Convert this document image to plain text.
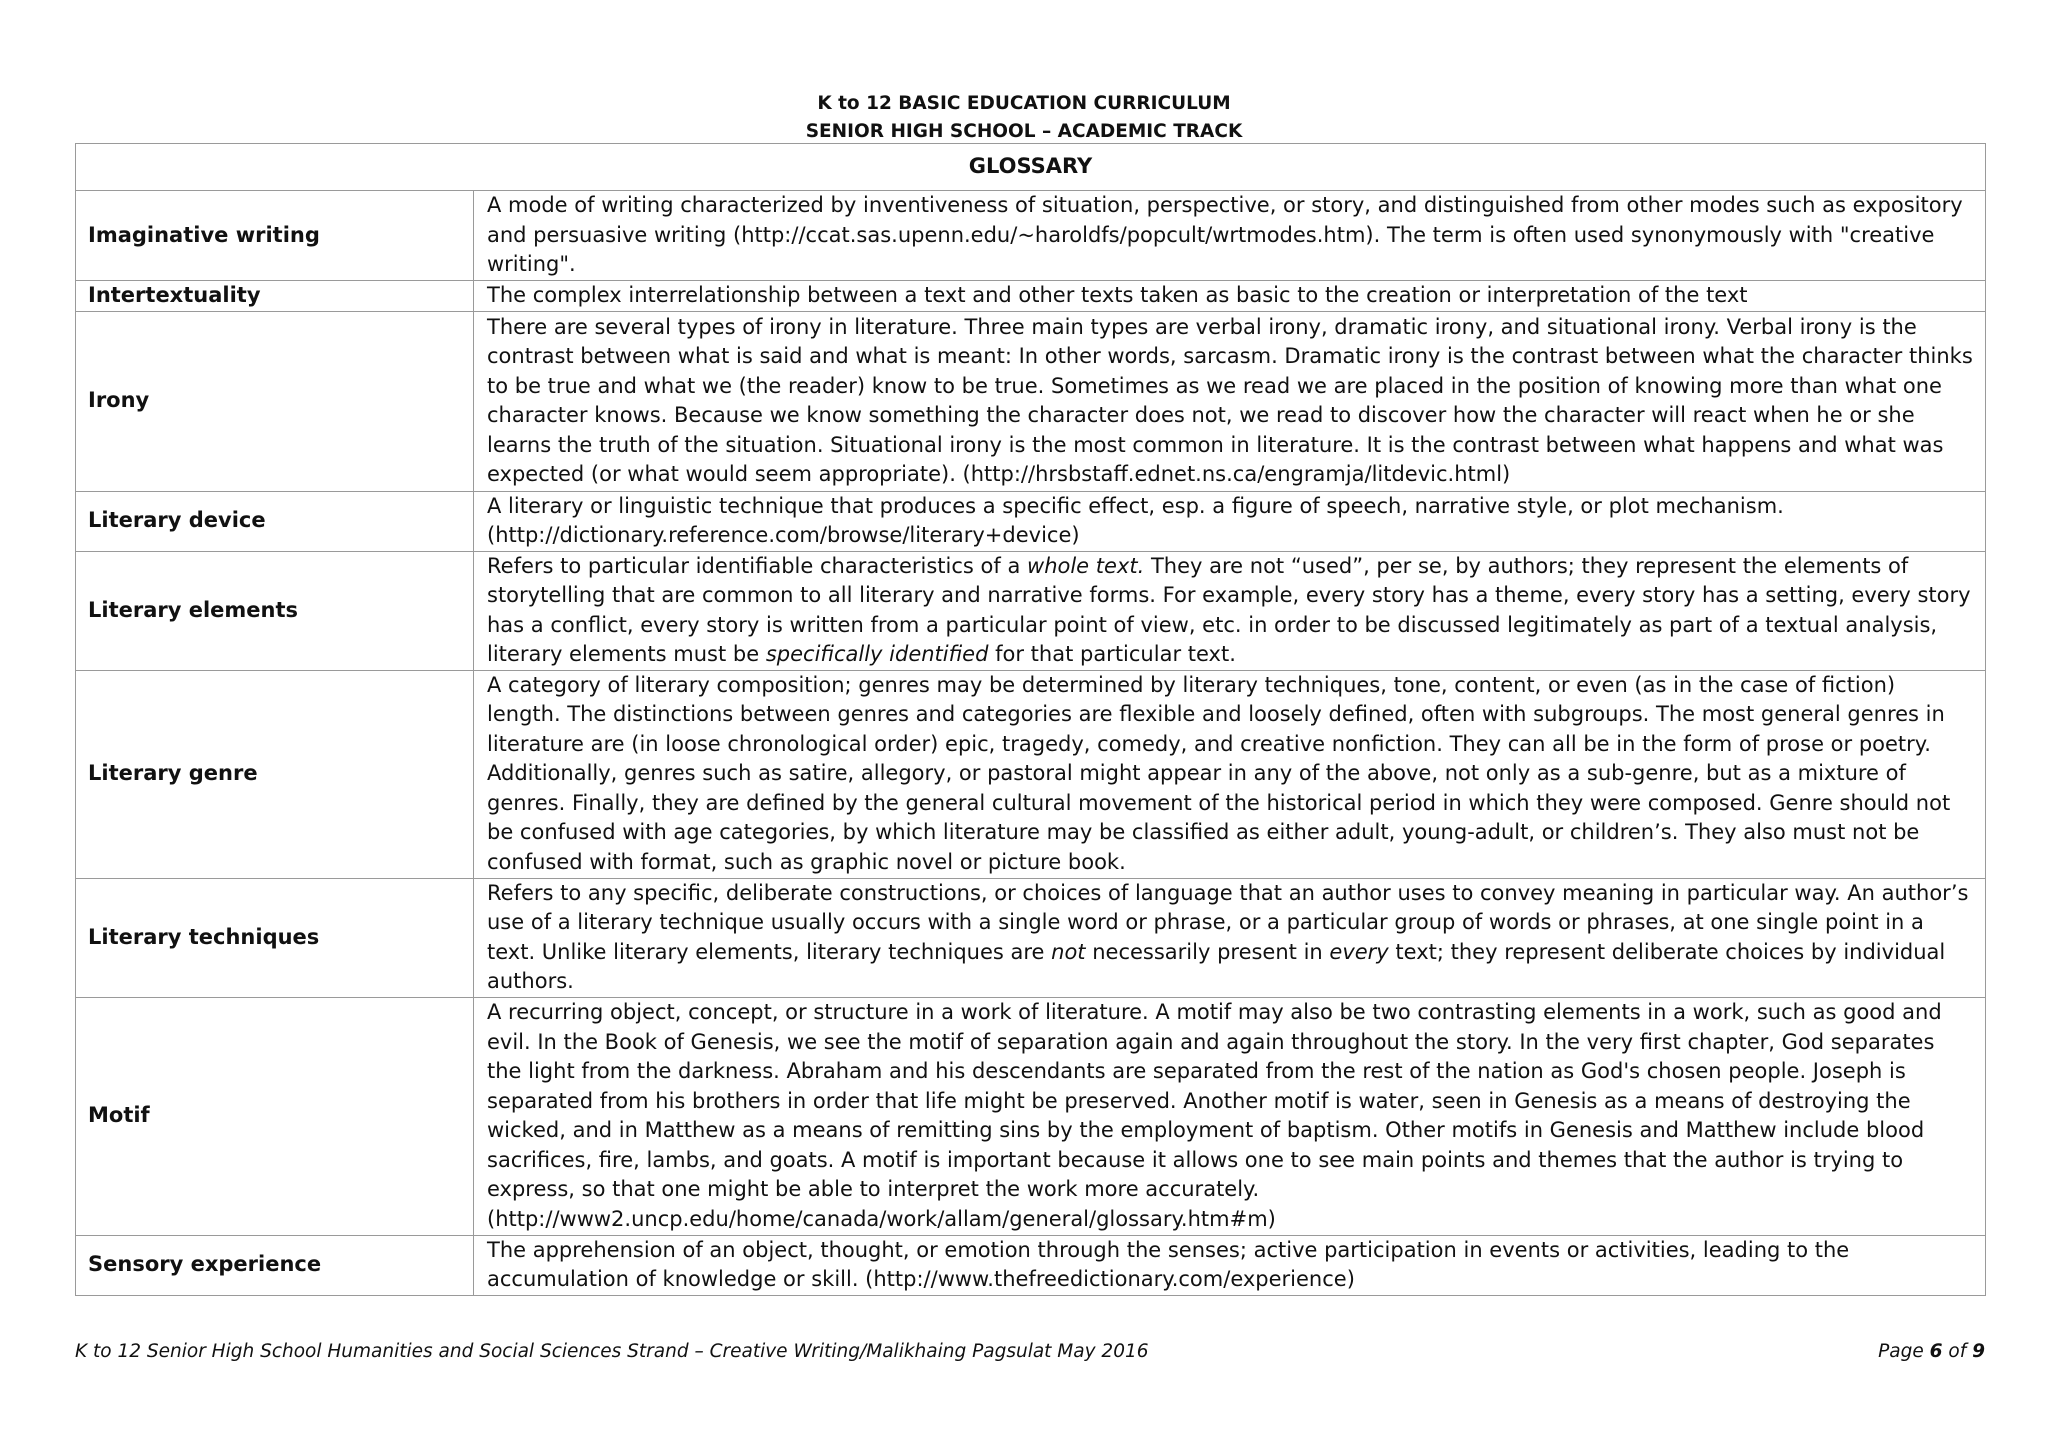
K to 12 BASIC EDUCATION CURRICULUM
SENIOR HIGH SCHOOL – ACADEMIC TRACK
GLOSSARY	
Imaginative writing	A mode of writing characterized by inventiveness of situation, perspective, or story, and distinguished from other modes such as expository and persuasive writing (http://ccat.sas.upenn.edu/~haroldfs/popcult/wrtmodes.htm). The term is often used synonymously with "creative writing".
Intertextuality	The complex interrelationship between a text and other texts taken as basic to the creation or interpretation of the text
Irony	There are several types of irony in literature. Three main types are verbal irony, dramatic irony, and situational irony. Verbal irony is the contrast between what is said and what is meant: In other words, sarcasm. Dramatic irony is the contrast between what the character thinks to be true and what we (the reader) know to be true. Sometimes as we read we are placed in the position of knowing more than what one character knows. Because we know something the character does not, we read to discover how the character will react when he or she learns the truth of the situation. Situational irony is the most common in literature. It is the contrast between what happens and what was expected (or what would seem appropriate). (http://hrsbstaff.ednet.ns.ca/engramja/litdevic.html)
Literary device	A literary or linguistic technique that produces a specific effect, esp. a figure of speech, narrative style, or plot mechanism. (http://dictionary.reference.com/browse/literary+device)
Literary elements	Refers to particular identifiable characteristics of a whole text. They are not “used”, per se, by authors; they represent the elements of storytelling that are common to all literary and narrative forms. For example, every story has a theme, every story has a setting, every story has a conflict, every story is written from a particular point of view, etc. in order to be discussed legitimately as part of a textual analysis, literary elements must be specifically identified for that particular text.
Literary genre	A category of literary composition; genres may be determined by literary techniques, tone, content, or even (as in the case of fiction) length. The distinctions between genres and categories are flexible and loosely defined, often with subgroups. The most general genres in literature are (in loose chronological order) epic, tragedy, comedy, and creative nonfiction. They can all be in the form of prose or poetry. Additionally, genres such as satire, allegory, or pastoral might appear in any of the above, not only as a sub-genre, but as a mixture of genres. Finally, they are defined by the general cultural movement of the historical period in which they were composed. Genre should not be confused with age categories, by which literature may be classified as either adult, young-adult, or children’s. They also must not be confused with format, such as graphic novel or picture book.
Literary techniques	Refers to any specific, deliberate constructions, or choices of language that an author uses to convey meaning in particular way. An author’s use of a literary technique usually occurs with a single word or phrase, or a particular group of words or phrases, at one single point in a text. Unlike literary elements, literary techniques are not necessarily present in every text; they represent deliberate choices by individual authors.
Motif	A recurring object, concept, or structure in a work of literature. A motif may also be two contrasting elements in a work, such as good and evil. In the Book of Genesis, we see the motif of separation again and again throughout the story. In the very first chapter, God separates the light from the darkness. Abraham and his descendants are separated from the rest of the nation as God's chosen people. Joseph is separated from his brothers in order that life might be preserved. Another motif is water, seen in Genesis as a means of destroying the wicked, and in Matthew as a means of remitting sins by the employment of baptism. Other motifs in Genesis and Matthew include blood sacrifices, fire, lambs, and goats. A motif is important because it allows one to see main points and themes that the author is trying to express, so that one might be able to interpret the work more accurately. (http://www2.uncp.edu/home/canada/work/allam/general/glossary.htm#m)
Sensory experience	The apprehension of an object, thought, or emotion through the senses; active participation in events or activities, leading to the accumulation of knowledge or skill. (http://www.thefreedictionary.com/experience)
K to 12 Senior High School Humanities and Social Sciences Strand – Creative Writing/Malikhaing Pagsulat May 2016	Page 6 of 9
